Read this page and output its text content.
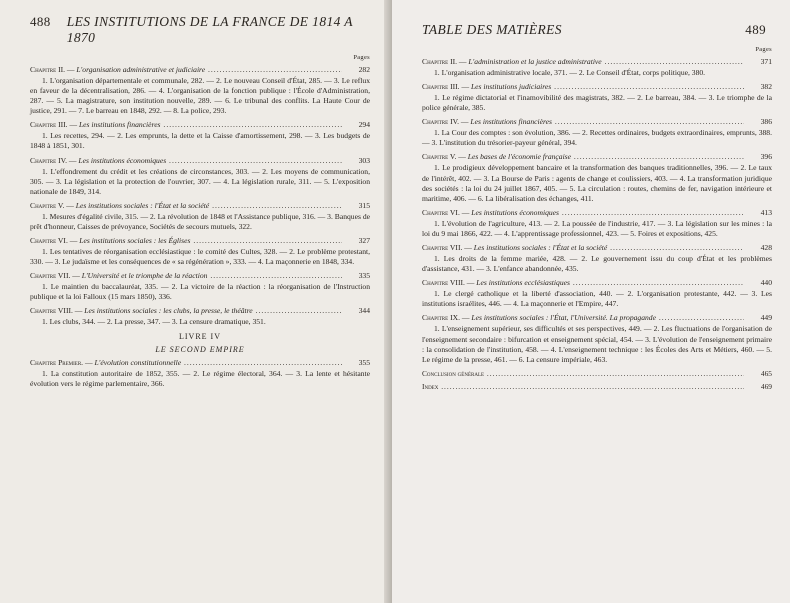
488	LES INSTITUTIONS DE LA FRANCE DE 1814 A 1870
Pages
Chapitre II. — L'organisation administrative et judiciaire .....	282
1. L'organisation départementale et communale, 282. — 2. Le nouveau Conseil d'État, 285. — 3. Le reflux en faveur de la décentralisation, 286. — 4. L'organisation de la fonction publique : l'École d'Administration, 287. — 5. La magistrature, son institution nouvelle, 289. — 6. Le tribunal des conflits. La Haute Cour de justice, 291. — 7. Le barreau en 1848, 292. — 8. La police, 293.
Chapitre III. — Les institutions financières .....	294
1. Les recettes, 294. — 2. Les emprunts, la dette et la Caisse d'amortissement, 298. — 3. Les budgets de 1848 à 1851, 301.
Chapitre IV. — Les institutions économiques .....	303
1. L'effondrement du crédit et les créations de circonstances, 303. — 2. Les moyens de communication, 305. — 3. La législation et la protection de l'ouvrier, 307. — 4. La législation rurale, 311. — 5. L'exposition nationale de 1849, 314.
Chapitre V. — Les institutions sociales : l'État et la société .....	315
1. Mesures d'égalité civile, 315. — 2. La révolution de 1848 et l'Assistance publique, 316. — 3. Banques de prêt d'honneur, Caisses de prévoyance, Sociétés de secours mutuels, 322.
Chapitre VI. — Les institutions sociales : les Églises .....	327
1. Les tentatives de réorganisation ecclésiastique : le comité des Cultes, 328. — 2. Le problème protestant, 330. — 3. Le judaïsme et les conséquences de « sa régénération », 333. — 4. La maçonnerie en 1848, 334.
Chapitre VII. — L'Université et le triomphe de la réaction .....	335
1. Le maintien du baccalauréat, 335. — 2. La victoire de la réaction : la réorganisation de l'Instruction publique et la loi Falloux (15 mars 1850), 336.
Chapitre VIII. — Les institutions sociales : les clubs, la presse, le théâtre .....	344
1. Les clubs, 344. — 2. La presse, 347. — 3. La censure dramatique, 351.
LIVRE IV
LE SECOND EMPIRE
Chapitre Premier. — L'évolution constitutionnelle .....	355
1. La constitution autoritaire de 1852, 355. — 2. Le régime électoral, 364. — 3. La lente et hésitante évolution vers le régime parlementaire, 366.
TABLE DES MATIÈRES	489
Pages
Chapitre II. — L'administration et la justice administrative .....	371
1. L'organisation administrative locale, 371. — 2. Le Conseil d'État, corps politique, 380.
Chapitre III. — Les institutions judiciaires .....	382
1. Le régime dictatorial et l'inamovibilité des magistrats, 382. — 2. Le barreau, 384. — 3. Le triomphe de la police générale, 385.
Chapitre IV. — Les institutions financières .....	386
1. La Cour des comptes : son évolution, 386. — 2. Recettes ordinaires, budgets extraordinaires, emprunts, 388. — 3. L'institution du trésorier-payeur général, 394.
Chapitre V. — Les bases de l'économie française .....	396
1. Le prodigieux développement bancaire et la transformation des banques traditionnelles, 396. — 2. Le taux de l'intérêt, 402. — 3. La Bourse de Paris : agents de change et coulissiers, 403. — 4. La transformation juridique des sociétés : la loi du 24 juillet 1867, 405. — 5. La circulation : routes, chemins de fer, navigation intérieure et maritime, 406. — 6. La libéralisation des échanges, 411.
Chapitre VI. — Les institutions économiques .....	413
1. L'évolution de l'agriculture, 413. — 2. La poussée de l'industrie, 417. — 3. La législation sur les mines : la loi du 9 mai 1866, 422. — 4. L'apprentissage professionnel, 423. — 5. Foires et expositions, 425.
Chapitre VII. — Les institutions sociales : l'État et la société .....	428
1. Les droits de la femme mariée, 428. — 2. Le gouvernement issu du coup d'État et les problèmes d'assistance, 431. — 3. L'enfance abandonnée, 435.
Chapitre VIII. — Les institutions ecclésiastiques .....	440
1. Le clergé catholique et la liberté d'association, 440. — 2. L'organisation protestante, 442. — 3. Les institutions israélites, 446. — 4. La maçonnerie et l'Empire, 447.
Chapitre IX. — Les institutions sociales : l'État, l'Université. La propagande .....	449
1. L'enseignement supérieur, ses difficultés et ses perspectives, 449. — 2. Les fluctuations de l'organisation de l'enseignement secondaire : bifurcation et enseignement spécial, 454. — 3. L'évolution de l'enseignement primaire : la consolidation de l'institution, 458. — 4. L'enseignement technique : les Écoles des Arts et Métiers, 460. — 5. Le régime de la presse, 461. — 6. La censure impériale, 463.
Conclusion générale .....	465
Index .....	469
